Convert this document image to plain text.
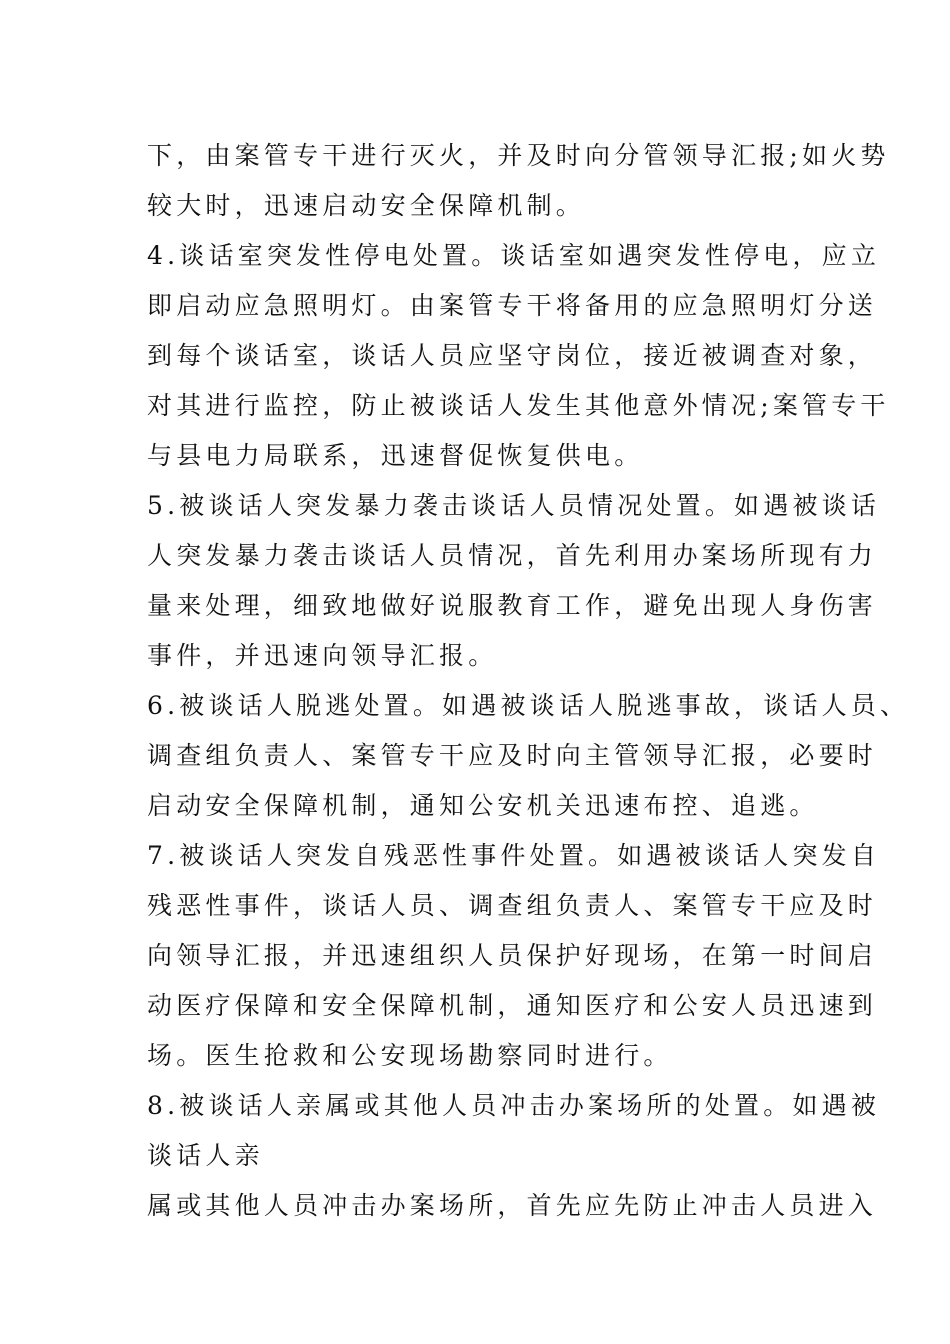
下，由案管专干进行灭火，并及时向分管领导汇报;如火势
较大时，迅速启动安全保障机制。
4.谈话室突发性停电处置。谈话室如遇突发性停电，应立
即启动应急照明灯。由案管专干将备用的应急照明灯分送
到每个谈话室，谈话人员应坚守岗位，接近被调查对象，
对其进行监控，防止被谈话人发生其他意外情况;案管专干
与县电力局联系，迅速督促恢复供电。
5.被谈话人突发暴力袭击谈话人员情况处置。如遇被谈话
人突发暴力袭击谈话人员情况，首先利用办案场所现有力
量来处理，细致地做好说服教育工作，避免出现人身伤害
事件，并迅速向领导汇报。
6.被谈话人脱逃处置。如遇被谈话人脱逃事故，谈话人员、
调查组负责人、案管专干应及时向主管领导汇报，必要时
启动安全保障机制，通知公安机关迅速布控、追逃。
7.被谈话人突发自残恶性事件处置。如遇被谈话人突发自
残恶性事件，谈话人员、调查组负责人、案管专干应及时
向领导汇报，并迅速组织人员保护好现场，在第一时间启
动医疗保障和安全保障机制，通知医疗和公安人员迅速到
场。医生抢救和公安现场勘察同时进行。
8.被谈话人亲属或其他人员冲击办案场所的处置。如遇被
谈话人亲
属或其他人员冲击办案场所，首先应先防止冲击人员进入
